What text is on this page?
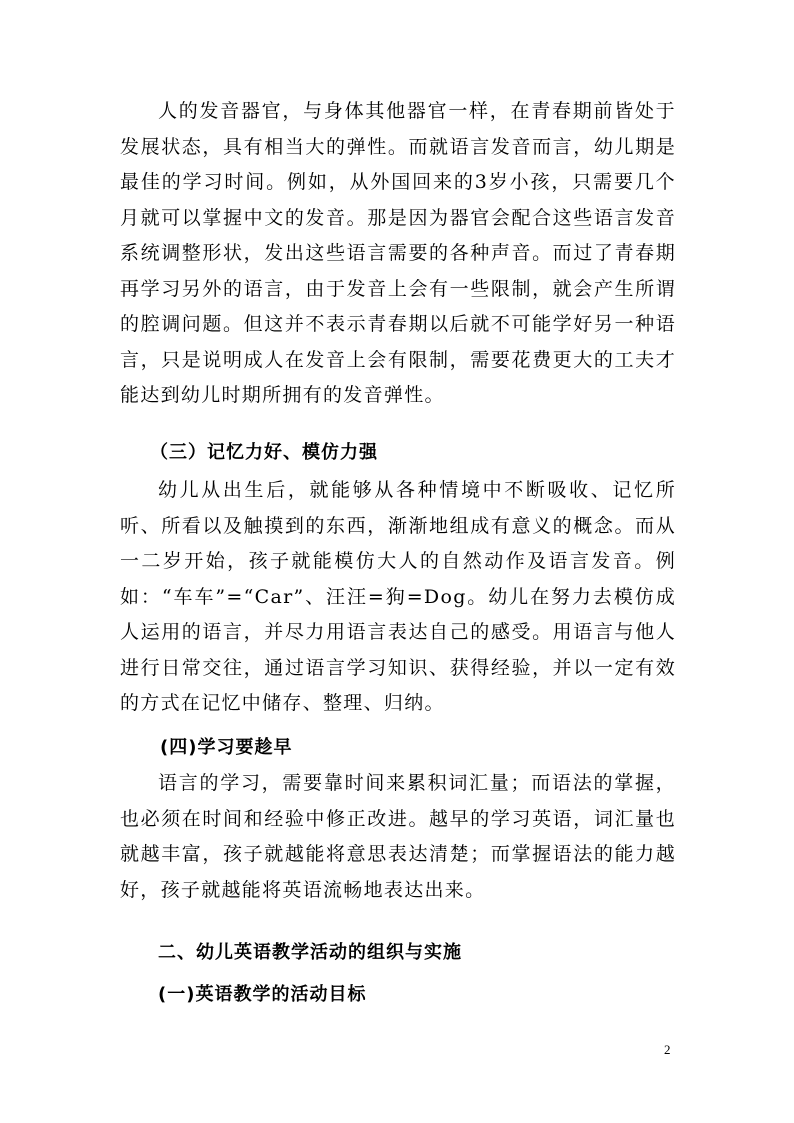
人的发音器官，与身体其他器官一样，在青春期前皆处于发展状态，具有相当大的弹性。而就语言发音而言，幼儿期是最佳的学习时间。例如，从外国回来的3岁小孩，只需要几个月就可以掌握中文的发音。那是因为器官会配合这些语言发音系统调整形状，发出这些语言需要的各种声音。而过了青春期再学习另外的语言，由于发音上会有一些限制，就会产生所谓的腔调问题。但这并不表示青春期以后就不可能学好另一种语言，只是说明成人在发音上会有限制，需要花费更大的工夫才能达到幼儿时期所拥有的发音弹性。

（三）记忆力好、模仿力强

幼儿从出生后，就能够从各种情境中不断吸收、记忆所听、所看以及触摸到的东西，渐渐地组成有意义的概念。而从一二岁开始，孩子就能模仿大人的自然动作及语言发音。例如：“车车”=“Car”、汪汪=狗=Dog。幼儿在努力去模仿成人运用的语言，并尽力用语言表达自己的感受。用语言与他人进行日常交往，通过语言学习知识、获得经验，并以一定有效的方式在记忆中储存、整理、归纳。

(四)学习要趁早

语言的学习，需要靠时间来累积词汇量；而语法的掌握，也必须在时间和经验中修正改进。越早的学习英语，词汇量也就越丰富，孩子就越能将意思表达清楚；而掌握语法的能力越好，孩子就越能将英语流畅地表达出来。

二、幼儿英语教学活动的组织与实施
(一)英语教学的活动目标
2
